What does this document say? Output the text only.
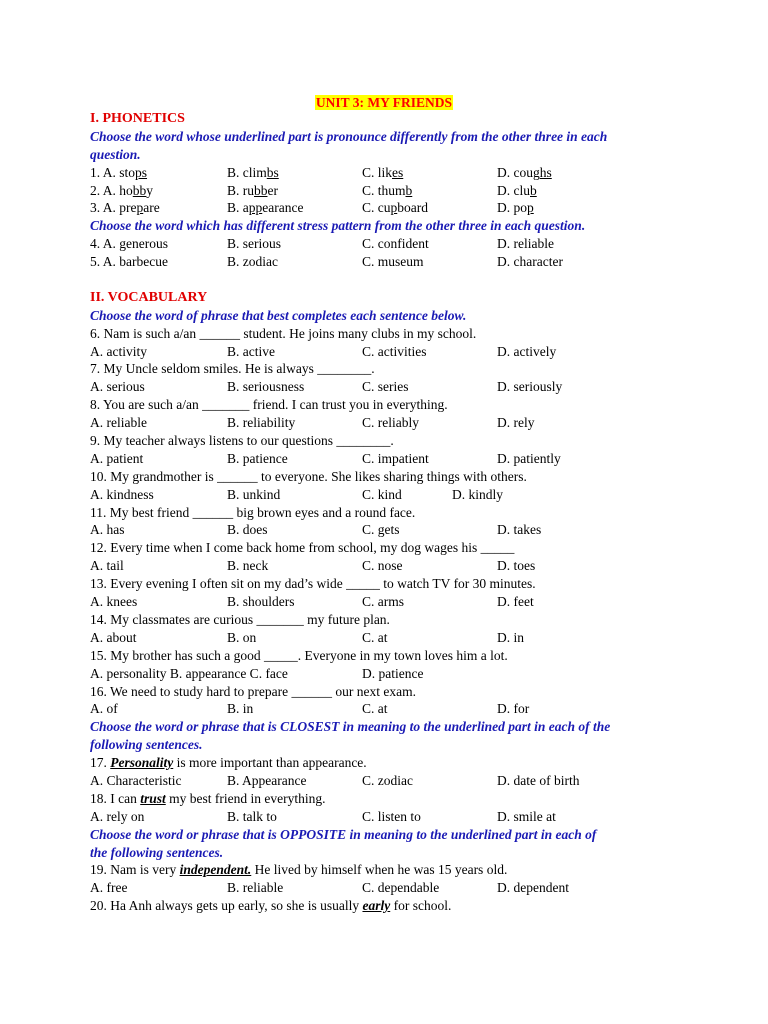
UNIT 3: MY FRIENDS
I. PHONETICS
Choose the word whose underlined part is pronounce differently from the other three in each
question.
1. A. stops	B. climbs	C. likes	D. coughs
2. A. hobby	B. rubber	C. thumb	D. club
3. A. prepare	B. appearance	C. cupboard	D. pop
Choose the word which has different stress pattern from the other three in each question.
4. A. generous	B. serious	C. confident	D. reliable
5. A. barbecue	B. zodiac	C. museum	D. character
II. VOCABULARY
Choose the word of phrase that best completes each sentence below.
6. Nam is such a/an ______ student. He joins many clubs in my school.
A. activity	B. active	C. activities	D. actively
7. My Uncle seldom smiles. He is always ________.
A. serious	B. seriousness	C. series	D. seriously
8. You are such a/an _______ friend. I can trust you in everything.
A. reliable	B. reliability	C. reliably	D. rely
9. My teacher always listens to our questions ________.
A. patient	B. patience	C. impatient	D. patiently
10. My grandmother is ______ to everyone. She likes sharing things with others.
A. kindness	B. unkind	C. kind	D. kindly
11. My best friend ______ big brown eyes and a round face.
A. has	B. does	C. gets	D. takes
12. Every time when I come back home from school, my dog wages his _____
A. tail	B. neck	C. nose	D. toes
13. Every evening I often sit on my dad’s wide _____ to watch TV for 30 minutes.
A. knees	B. shoulders	C. arms	D. feet
14. My classmates are curious _______ my future plan.
A. about	B. on	C. at	D. in
15. My brother has such a good _____. Everyone in my town loves him a lot.
A. personality B. appearance C. face	D. patience
16. We need to study hard to prepare ______ our next exam.
A. of	B. in	C. at	D. for
Choose the word or phrase that is CLOSEST in meaning to the underlined part in each of the
following sentences.
17. Personality is more important than appearance.
A. Characteristic	B. Appearance	C. zodiac	D. date of birth
18. I can trust my best friend in everything.
A. rely on	B. talk to	C. listen to	D. smile at
Choose the word or phrase that is OPPOSITE in meaning to the underlined part in each of
the following sentences.
19. Nam is very independent. He lived by himself when he was 15 years old.
A. free	B. reliable	C. dependable	D. dependent
20. Ha Anh always gets up early, so she is usually early for school.
